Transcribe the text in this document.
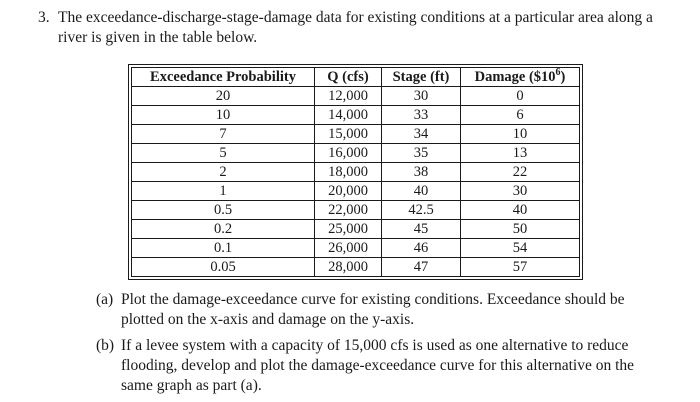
3. The exceedance-discharge-stage-damage data for existing conditions at a particular area along a river is given in the table below.
Exceedance Probability	Q (cfs)	Stage (ft)	Damage $(\$10^6)$
20	12,000	30	0
10	14,000	33	6
7	15,000	34	10
5	16,000	35	13
2	18,000	38	22
1	20,000	40	30
0.5	22,000	42.5	40
0.2	25,000	45	50
0.1	26,000	46	54
0.05	28,000	47	57
(a) Plot the damage-exceedance curve for existing conditions. Exceedance should be plotted on the x-axis and damage on the y-axis.
(b) If a levee system with a capacity of 15,000 cfs is used as one alternative to reduce flooding, develop and plot the damage-exceedance curve for this alternative on the same graph as part (a).
